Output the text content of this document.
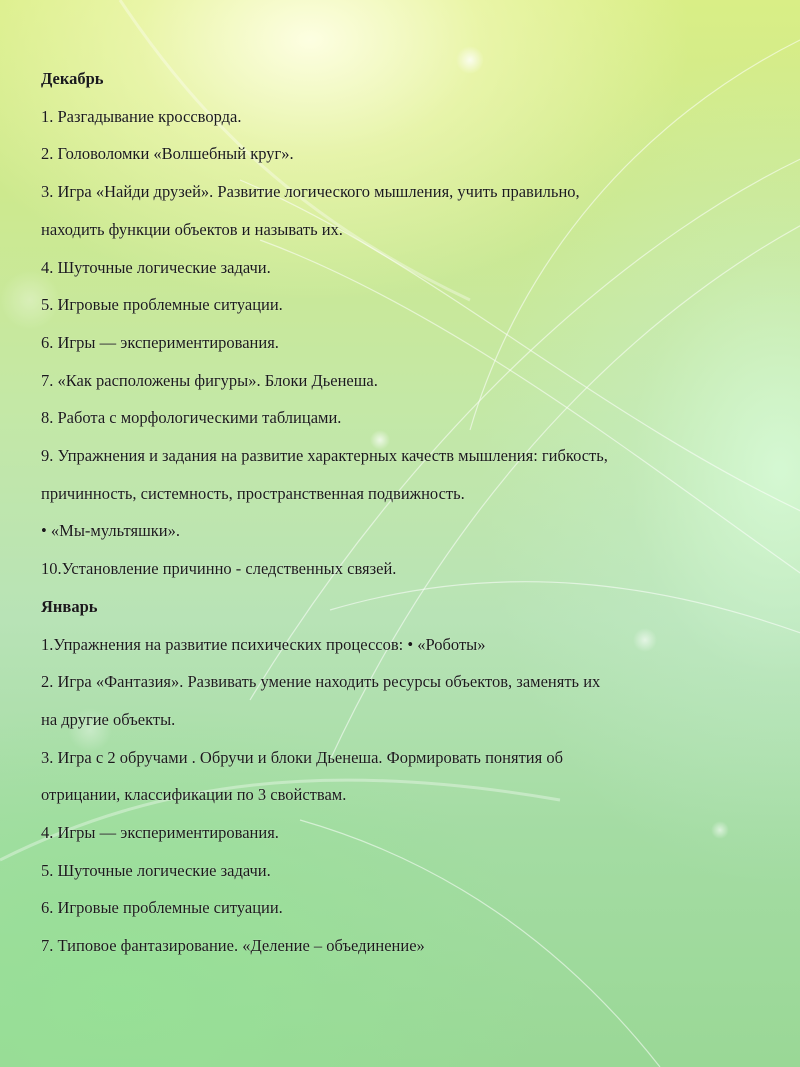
Декабрь

1. Разгадывание кроссворда.

2. Головоломки «Волшебный круг».

3. Игра «Найди друзей». Развитие логического мышления, учить правильно,

находить функции объектов и называть их.

4. Шуточные логические задачи.

5. Игровые проблемные ситуации.

6. Игры — экспериментирования.

7. «Как расположены фигуры». Блоки Дьенеша.

8. Работа с морфологическими таблицами.

9. Упражнения и задания на развитие характерных качеств мышления: гибкость,

причинность, системность, пространственная подвижность.

• «Мы-мультяшки».

10.Установление причинно - следственных связей.

Январь

1.Упражнения на развитие психических процессов: • «Роботы»

2. Игра «Фантазия». Развивать умение находить ресурсы объектов, заменять их

на другие объекты.

3. Игра с 2 обручами . Обручи и блоки Дьенеша. Формировать понятия об

отрицании, классификации по 3 свойствам.

4. Игры — экспериментирования.

5. Шуточные логические задачи.

6. Игровые проблемные ситуации.

7. Типовое фантазирование. «Деление – объединение»
